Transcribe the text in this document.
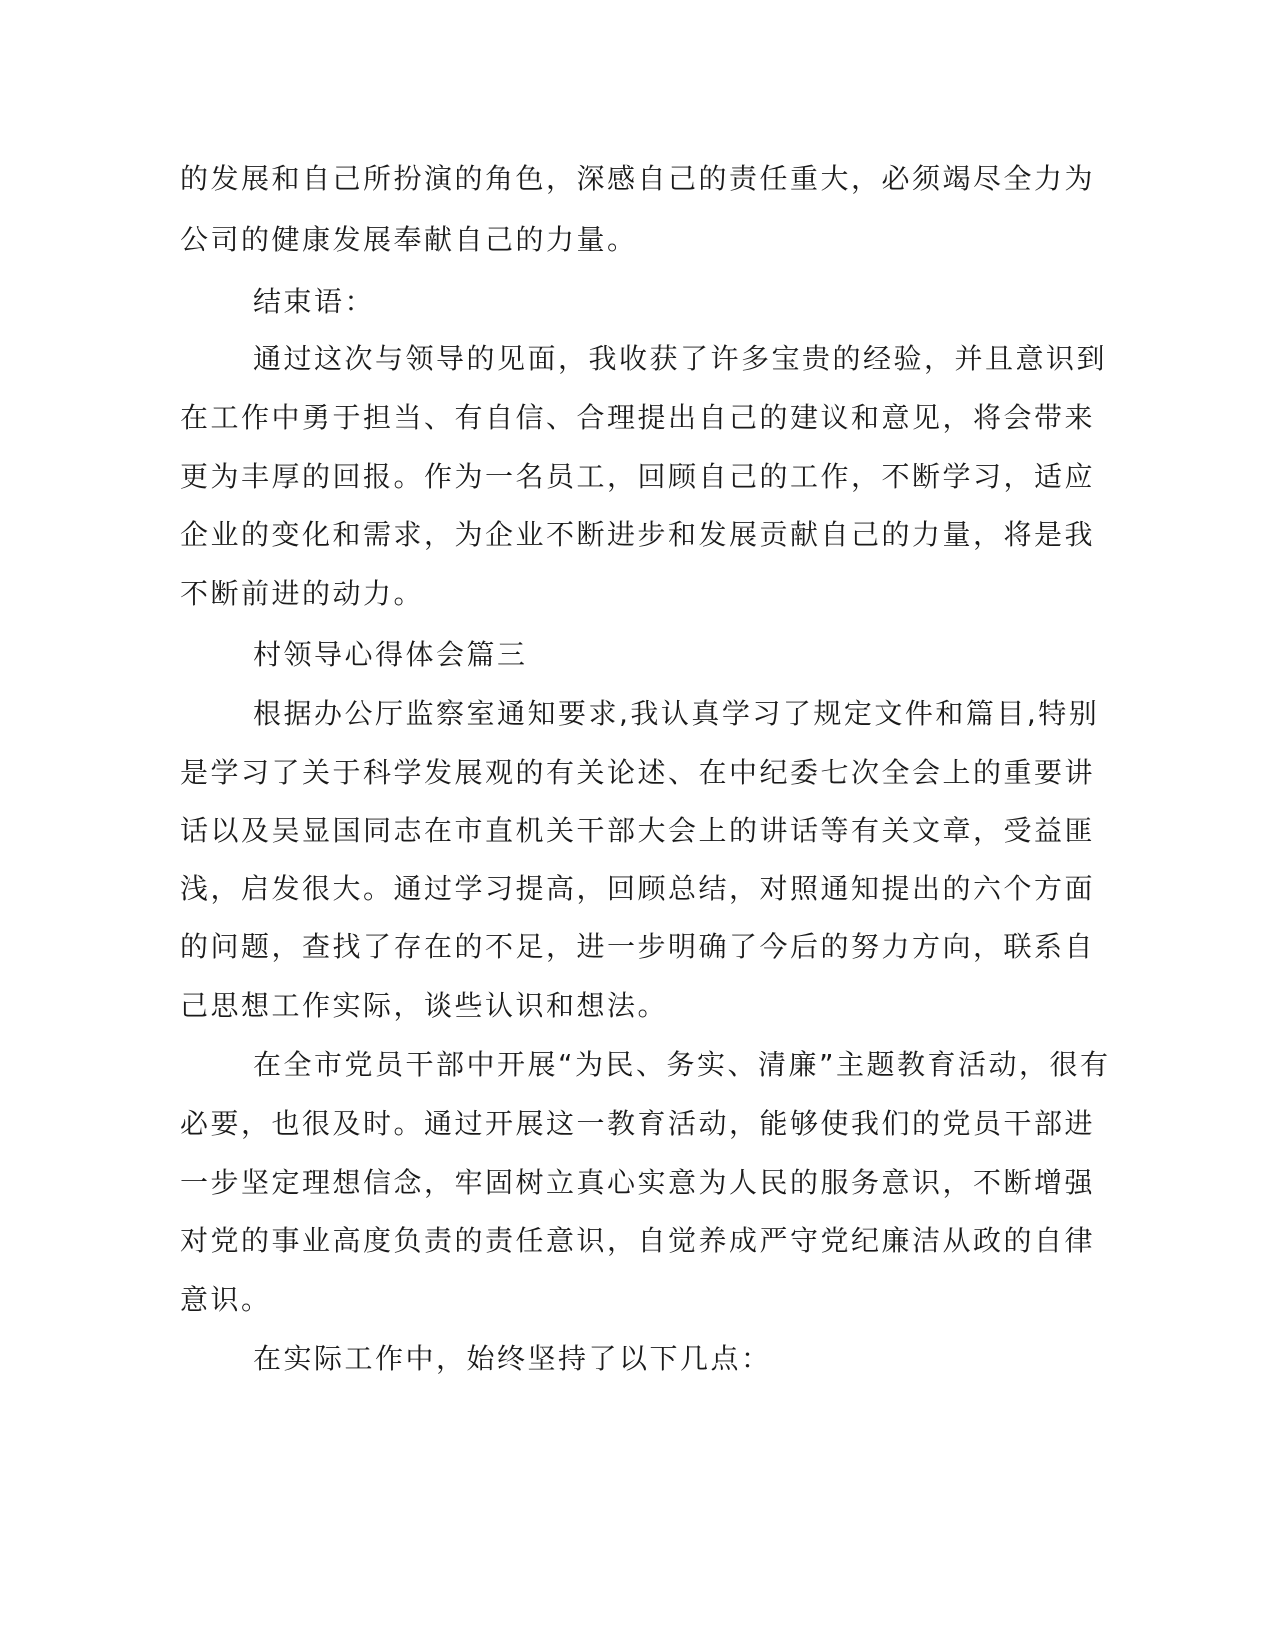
的发展和自己所扮演的角色，深感自己的责任重大，必须竭尽全力为
公司的健康发展奉献自己的力量。
结束语：
通过这次与领导的见面，我收获了许多宝贵的经验，并且意识到
在工作中勇于担当、有自信、合理提出自己的建议和意见，将会带来
更为丰厚的回报。作为一名员工，回顾自己的工作，不断学习，适应
企业的变化和需求，为企业不断进步和发展贡献自己的力量，将是我
不断前进的动力。
村领导心得体会篇三
根据办公厅监察室通知要求,我认真学习了规定文件和篇目,特别
是学习了关于科学发展观的有关论述、在中纪委七次全会上的重要讲
话以及吴显国同志在市直机关干部大会上的讲话等有关文章，受益匪
浅，启发很大。通过学习提高，回顾总结，对照通知提出的六个方面
的问题，查找了存在的不足，进一步明确了今后的努力方向，联系自
己思想工作实际，谈些认识和想法。
在全市党员干部中开展“为民、务实、清廉”主题教育活动，很有
必要，也很及时。通过开展这一教育活动，能够使我们的党员干部进
一步坚定理想信念，牢固树立真心实意为人民的服务意识，不断增强
对党的事业高度负责的责任意识，自觉养成严守党纪廉洁从政的自律
意识。
在实际工作中，始终坚持了以下几点：
